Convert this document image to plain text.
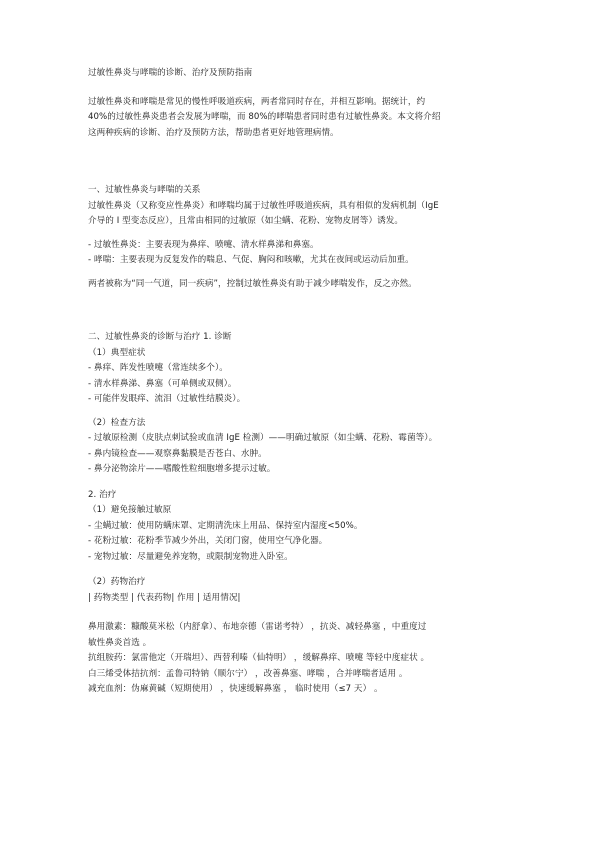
过敏性鼻炎与哮喘的诊断、治疗及预防指南
过敏性鼻炎和哮喘是常见的慢性呼吸道疾病，两者常同时存在，并相互影响。据统计，约
40%的过敏性鼻炎患者会发展为哮喘，而 80%的哮喘患者同时患有过敏性鼻炎。本文将介绍
这两种疾病的诊断、治疗及预防方法，帮助患者更好地管理病情。
一、过敏性鼻炎与哮喘的关系
过敏性鼻炎（又称变应性鼻炎）和哮喘均属于过敏性呼吸道疾病，具有相似的发病机制（IgE
介导的 I 型变态反应），且常由相同的过敏原（如尘螨、花粉、宠物皮屑等）诱发。
- 过敏性鼻炎：主要表现为鼻痒、喷嚏、清水样鼻涕和鼻塞。
- 哮喘：主要表现为反复发作的喘息、气促、胸闷和咳嗽，尤其在夜间或运动后加重。
两者被称为“同一气道，同一疾病”，控制过敏性鼻炎有助于减少哮喘发作，反之亦然。
二、过敏性鼻炎的诊断与治疗 1. 诊断
（1）典型症状
- 鼻痒、阵发性喷嚏（常连续多个）。
- 清水样鼻涕、鼻塞（可单侧或双侧）。
- 可能伴发眼痒、流泪（过敏性结膜炎）。
（2）检查方法
- 过敏原检测（皮肤点刺试验或血清 IgE 检测）——明确过敏原（如尘螨、花粉、霉菌等）。
- 鼻内镜检查——观察鼻黏膜是否苍白、水肿。
- 鼻分泌物涂片——嗜酸性粒细胞增多提示过敏。
2. 治疗
（1）避免接触过敏原
- 尘螨过敏：使用防螨床罩、定期清洗床上用品、保持室内湿度<50%。
- 花粉过敏：花粉季节减少外出，关闭门窗，使用空气净化器。
- 宠物过敏：尽量避免养宠物，或限制宠物进入卧室。
（2）药物治疗
| 药物类型 | 代表药物| 作用 | 适用情况|
鼻用激素：糠酸莫米松（内舒拿）、布地奈德（雷诺考特） ，抗炎、减轻鼻塞 ，中重度过
敏性鼻炎首选 。
抗组胺药：氯雷他定（开瑞坦）、西替利嗪（仙特明） ，缓解鼻痒、喷嚏 等轻中度症状 。
白三烯受体拮抗剂：孟鲁司特钠（顺尔宁） ，改善鼻塞、哮喘 ，合并哮喘者适用 。
减充血剂：伪麻黄碱（短期使用） ，快速缓解鼻塞 ， 临时使用（≤7 天） 。
